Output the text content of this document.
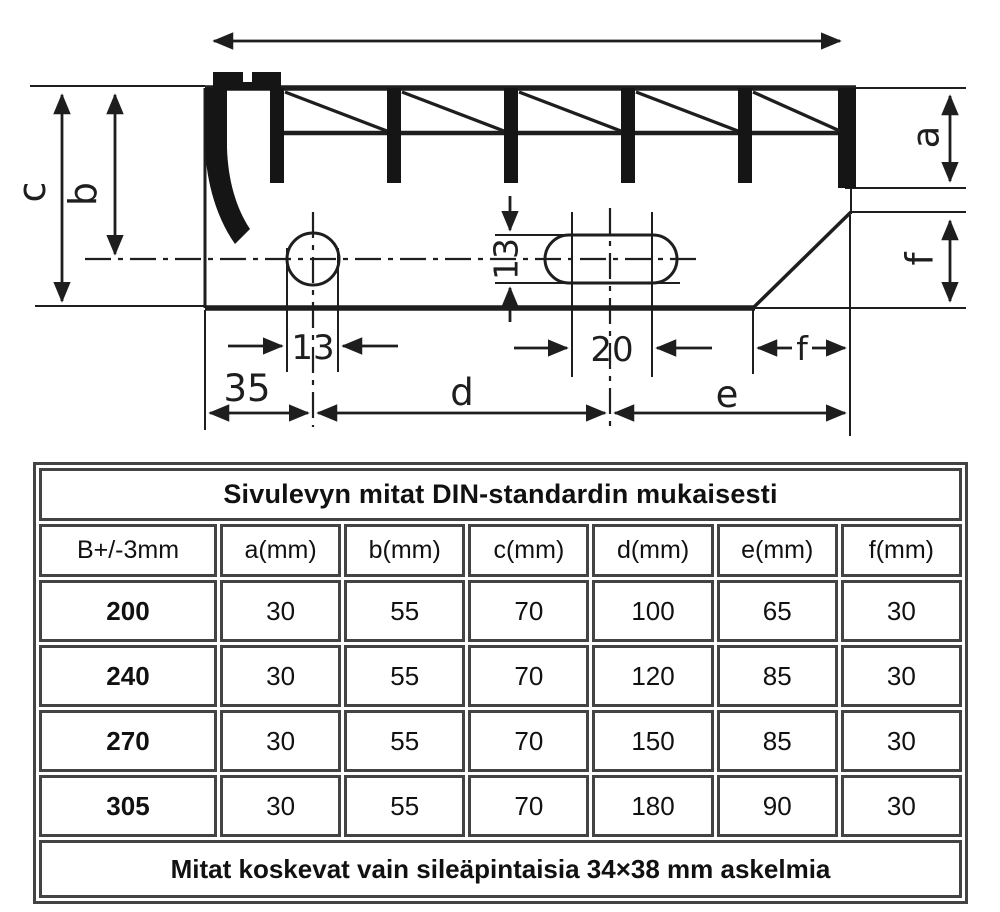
c b
a
f
13
13	20	f
35	d	e
Sivulevyn mitat DIN-standardin mukaisesti						
B+/-3mm	a(mm)	b(mm)	c(mm)	d(mm)	e(mm)	f(mm)
200	30	55	70	100	65	30
240	30	55	70	120	85	30
270	30	55	70	150	85	30
305	30	55	70	180	90	30
Mitat koskevat vain sileäpintaisia 34×38 mm askelmia						
